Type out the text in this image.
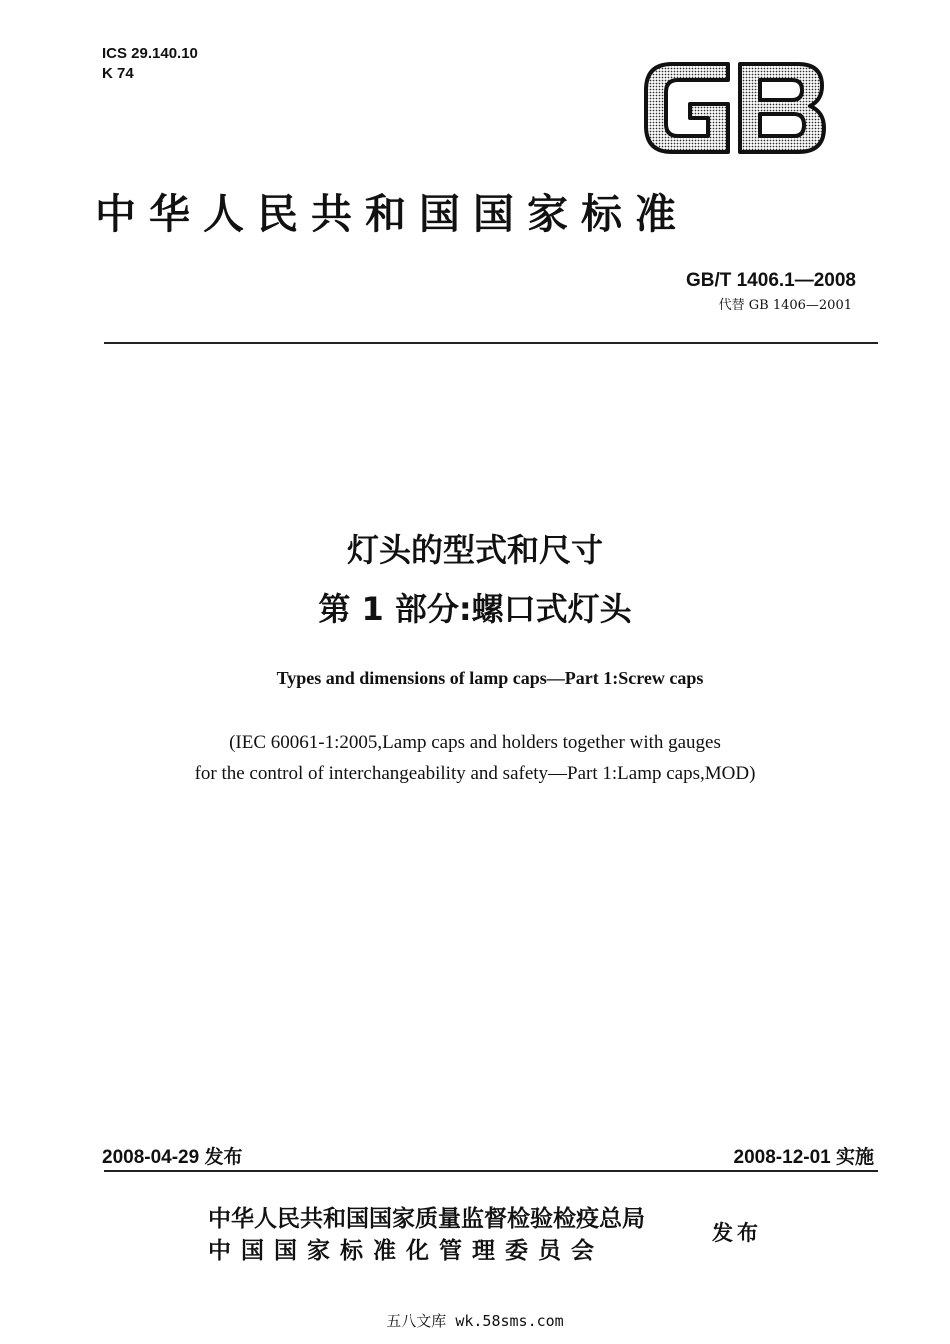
ICS 29.140.10
K 74
中华人民共和国国家标准
GB/T 1406.1—2008
代替 GB 1406—2001
灯头的型式和尺寸
第 1 部分:螺口式灯头
Types and dimensions of lamp caps—Part 1:Screw caps
(IEC 60061-1:2005,Lamp caps and holders together with gauges
for the control of interchangeability and safety—Part 1:Lamp caps,MOD)
2008-04-29 发布	2008-12-01 实施
中华人民共和国国家质量监督检验检疫总局
中国国家标准化管理委员会
发布
五八文库 wk.58sms.com
